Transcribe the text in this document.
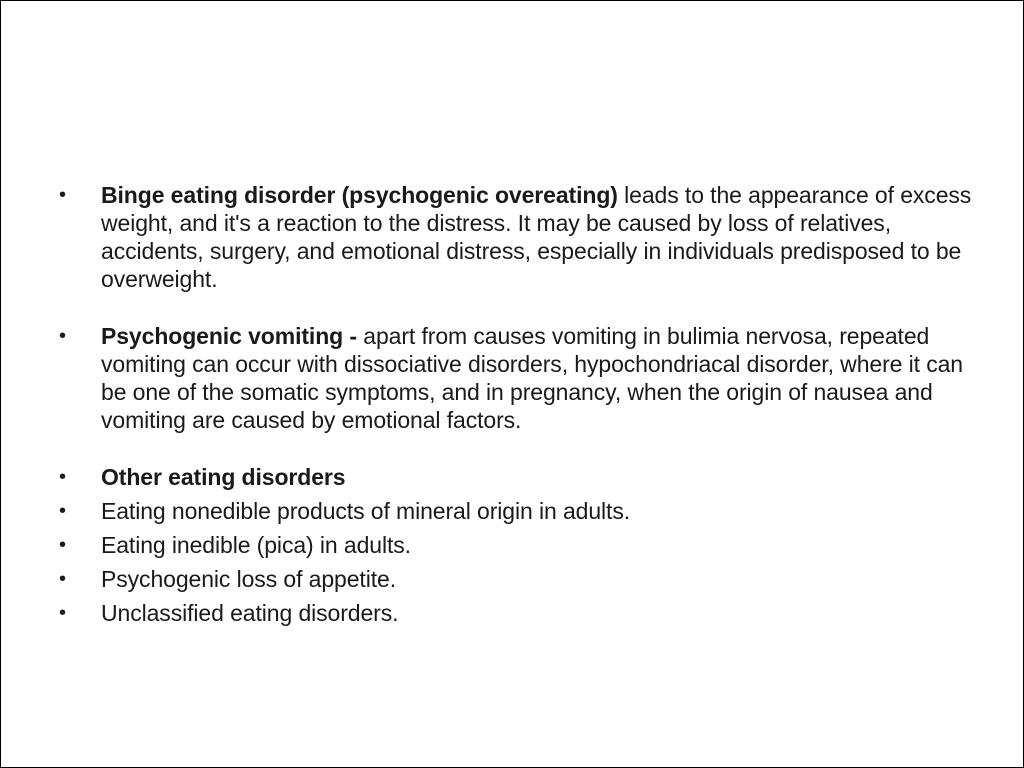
•	Binge eating disorder (psychogenic overeating) leads to the appearance of excess weight, and it's a reaction to the distress. It may be caused by loss of relatives, accidents, surgery, and emotional distress, especially in individuals predisposed to be overweight.
•	Psychogenic vomiting - apart from causes vomiting in bulimia nervosa, repeated vomiting can occur with dissociative disorders, hypochondriacal disorder, where it can be one of the somatic symptoms, and in pregnancy, when the origin of nausea and vomiting are caused by emotional factors.
•	Other eating disorders
•	Eating nonedible products of mineral origin in adults.
•	Eating inedible (pica) in adults.
•	Psychogenic loss of appetite.
•	Unclassified eating disorders.
